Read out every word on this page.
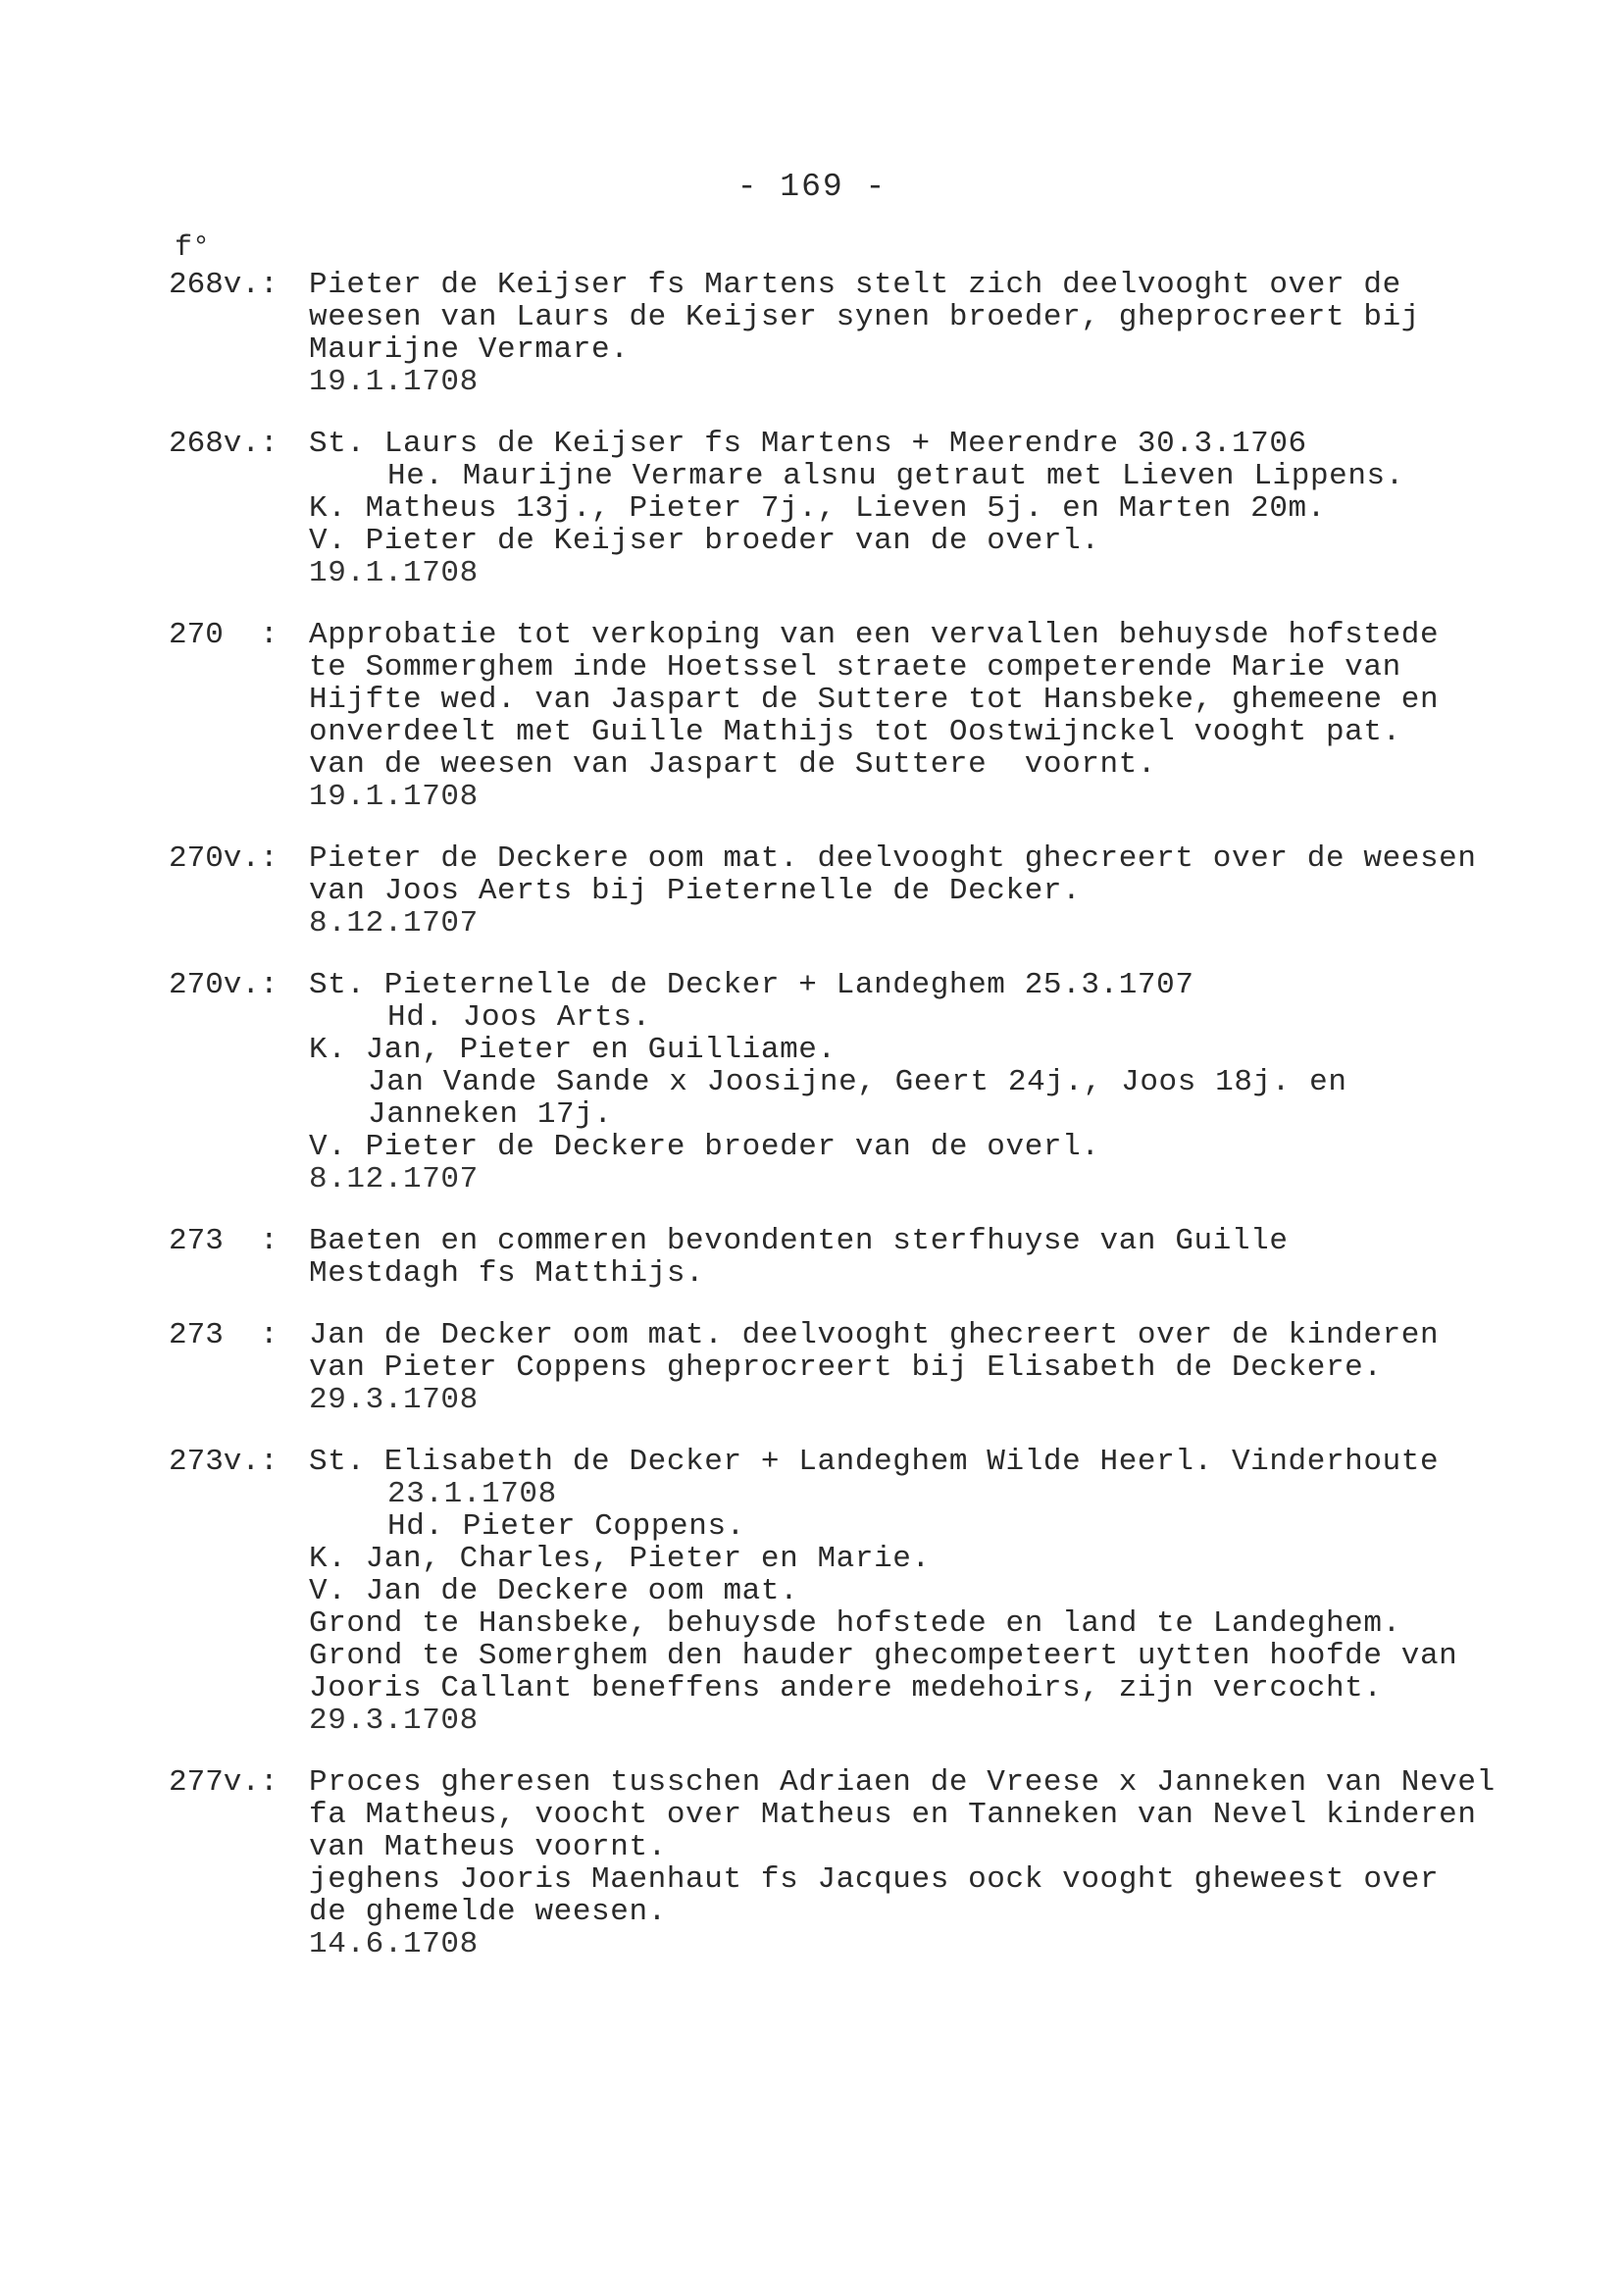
- 169 -
f°
268v.:	Pieter de Keijser fs Martens stelt zich deelvooght over de
weesen van Laurs de Keijser synen broeder, gheprocreert bij
Maurijne Vermare.
19.1.1708
268v.:	St. Laurs de Keijser fs Martens + Meerendre 30.3.1706
He. Maurijne Vermare alsnu getraut met Lieven Lippens.
K. Matheus 13j., Pieter 7j., Lieven 5j. en Marten 20m.
V. Pieter de Keijser broeder van de overl.
19.1.1708
270  :	Approbatie tot verkoping van een vervallen behuysde hofstede
te Sommerghem inde Hoetssel straete competerende Marie van
Hijfte wed. van Jaspart de Suttere tot Hansbeke, ghemeene en
onverdeelt met Guille Mathijs tot Oostwijnckel vooght pat.
van de weesen van Jaspart de Suttere  voornt.
19.1.1708
270v.:	Pieter de Deckere oom mat. deelvooght ghecreert over de weesen
van Joos Aerts bij Pieternelle de Decker.
8.12.1707
270v.:	St. Pieternelle de Decker + Landeghem 25.3.1707
Hd. Joos Arts.
K. Jan, Pieter en Guilliame.
Jan Vande Sande x Joosijne, Geert 24j., Joos 18j. en
Janneken 17j.
V. Pieter de Deckere broeder van de overl.
8.12.1707
273  :	Baeten en commeren bevondenten sterfhuyse van Guille
Mestdagh fs Matthijs.
273  :	Jan de Decker oom mat. deelvooght ghecreert over de kinderen
van Pieter Coppens gheprocreert bij Elisabeth de Deckere.
29.3.1708
273v.:	St. Elisabeth de Decker + Landeghem Wilde Heerl. Vinderhoute
23.1.1708
Hd. Pieter Coppens.
K. Jan, Charles, Pieter en Marie.
V. Jan de Deckere oom mat.
Grond te Hansbeke, behuysde hofstede en land te Landeghem.
Grond te Somerghem den hauder ghecompeteert uytten hoofde van
Jooris Callant beneffens andere medehoirs, zijn vercocht.
29.3.1708
277v.:	Proces gheresen tusschen Adriaen de Vreese x Janneken van Nevel
fa Matheus, voocht over Matheus en Tanneken van Nevel kinderen
van Matheus voornt.
jeghens Jooris Maenhaut fs Jacques oock vooght gheweest over
de ghemelde weesen.
14.6.1708
